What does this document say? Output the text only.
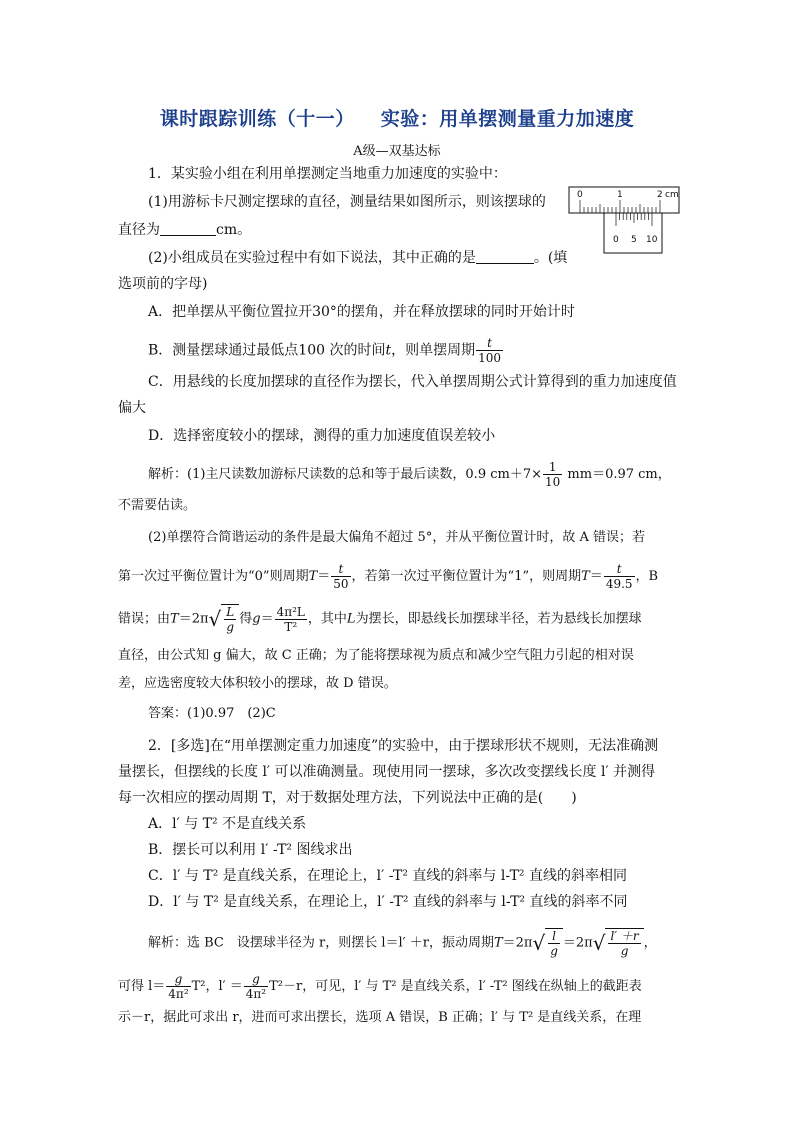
课时跟踪训练（十一） 实验：用单摆测量重力加速度
A级—双基达标
1．某实验小组在利用单摆测定当地重力加速度的实验中：
(1)用游标卡尺测定摆球的直径，测量结果如图所示，则该摆球的
直径为	cm。
(2)小组成员在实验过程中有如下说法，其中正确的是	。(填
选项前的字母)
0	1	2 cm
0 5 10
A．把单摆从平衡位置拉开30°的摆角，并在释放摆球的同时开始计时
B．测量摆球通过最低点100 次的时间t，则单摆周期 $\frac{t}{100}$
C．用悬线的长度加摆球的直径作为摆长，代入单摆周期公式计算得到的重力加速度值
偏大
D．选择密度较小的摆球，测得的重力加速度值误差较小
解析：(1)主尺读数加游标尺读数的总和等于最后读数，0.9 $cm+7\times \frac{1}{10} mm=0.97$ cm，
不需要估读。
(2)单摆符合简谐运动的条件是最大偏角不超过 5°，并从平衡位置计时，故 A 错误；若
第一次过平衡位置计为“0”则周期$T= \frac{t}{50}$ ，若第一次过平衡位置计为“1”，则周期$T= \frac{t}{49.5}$ ，B
错误；由$T=2\pi√ \frac{L}{g}$ 得$g= \frac{\text{4π²L}}{\text{T²}}$ ，其中L为摆长，即悬线长加摆球半径，若为悬线长加摆球
直径，由公式知 g 偏大，故 C 正确；为了能将摆球视为质点和减少空气阻力引起的相对误
差，应选密度较大体积较小的摆球，故 D 错误。
答案：(1)0.97　(2)C
2．[多选]在“用单摆测定重力加速度”的实验中，由于摆球形状不规则，无法准确测
量摆长，但摆线的长度 l′ 可以准确测量。现使用同一摆球，多次改变摆线长度 l′ 并测得
每一次相应的摆动周期 T，对于数据处理方法，下列说法中正确的是(　　)
A．l′ 与 T² 不是直线关系
B．摆长可以利用 l′ -T² 图线求出
C．l′ 与 T² 是直线关系，在理论上，l′ -T² 直线的斜率与 l-T² 直线的斜率相同
D．l′ 与 T² 是直线关系，在理论上，l′ -T² 直线的斜率与 l-T² 直线的斜率不同
解析：选 BC　设摆球半径为 r，则摆长 l＝l′ ＋r，振动周期$T=2\pi√ \frac{l}{g} =2\pi√ \frac{l' +r}{g}$ ，
可得 $l= \frac{g}{\text{4π²}} T^2$，$l' = \frac{g}{\text{4π²}} T^2-r$，可见，l′ 与 T² 是直线关系，l′ -T² 图线在纵轴上的截距表
示－r，据此可求出 r，进而可求出摆长，选项 A 错误，B 正确；l′ 与 T² 是直线关系，在理
